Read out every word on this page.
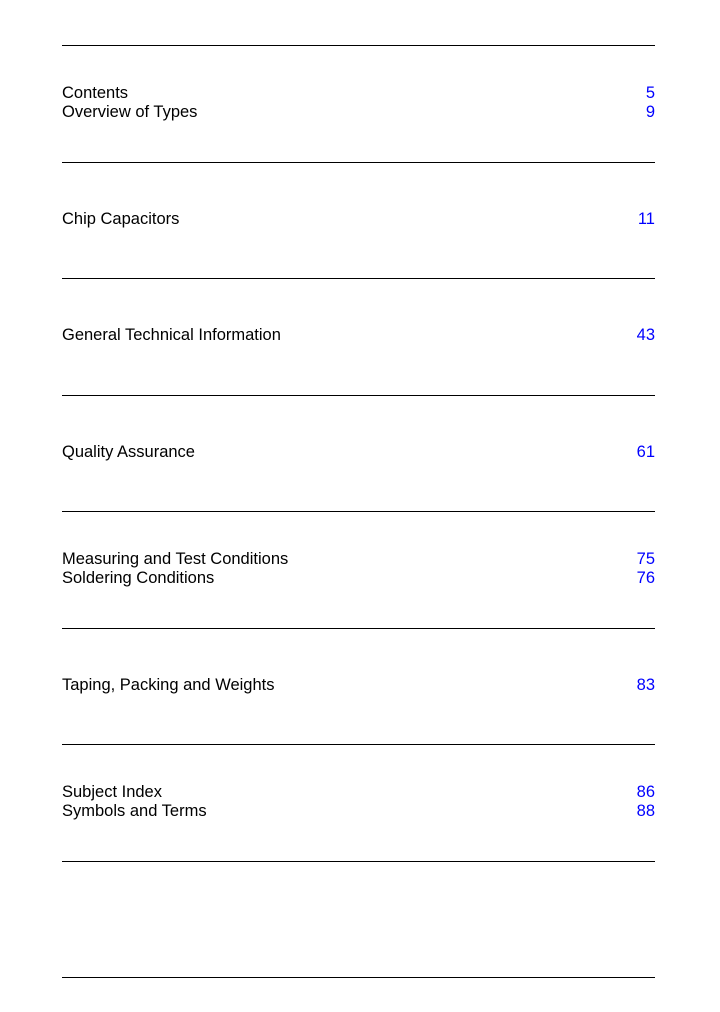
Contents	5
Overview of Types	9
Chip Capacitors	11
General Technical Information	43
Quality Assurance	61
Measuring and Test Conditions	75
Soldering Conditions	76
Taping, Packing and Weights	83
Subject Index	86
Symbols and Terms	88
